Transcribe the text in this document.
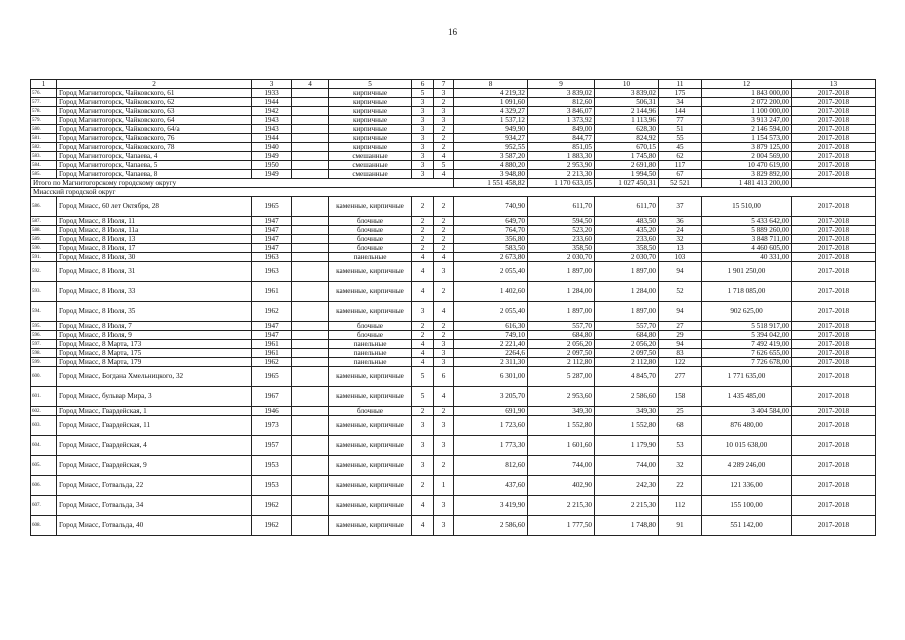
16
1	2	3	4	5	6	7	8	9	10	11	12	13
576.	Город Магнитогорск, Чайковского, 61	1933		кирпичные	5	3	4 219,32	3 839,02	3 839,02	175	1 843 000,00	2017-2018
577.	Город Магнитогорск, Чайковского, 62	1944		кирпичные	3	2	1 091,60	812,60	506,31	34	2 072 200,00	2017-2018
578.	Город Магнитогорск, Чайковского, 63	1942		кирпичные	3	3	4 329,27	3 846,07	2 144,96	144	1 100 000,00	2017-2018
579.	Город Магнитогорск, Чайковского, 64	1943		кирпичные	3	3	1 537,12	1 373,92	1 113,96	77	3 913 247,00	2017-2018
580.	Город Магнитогорск, Чайковского, 64/а	1943		кирпичные	3	2	949,90	849,00	628,30	51	2 146 594,00	2017-2018
581.	Город Магнитогорск, Чайковского, 76	1944		кирпичные	3	2	934,27	844,77	824,92	55	1 154 573,00	2017-2018
582.	Город Магнитогорск, Чайковского, 78	1940		кирпичные	3	2	952,55	851,05	670,15	45	3 879 125,00	2017-2018
583.	Город Магнитогорск, Чапаева, 4	1949		смешанные	3	4	3 587,20	1 883,30	1 745,80	62	2 004 569,00	2017-2018
584.	Город Магнитогорск, Чапаева, 5	1950		смешанные	3	5	4 880,20	2 953,90	2 691,80	117	10 470 619,00	2017-2018
585.	Город Магнитогорск, Чапаева, 8	1949		смешанные	3	4	3 948,80	2 213,30	1 994,50	67	3 829 892,00	2017-2018
Итого по Магнитогорскому городскому округу							1 551 458,82	1 170 633,05	1 027 450,31	52 521	1 481 413 200,00	
Миасский городской округ												
586.	Город Миасс, 60 лет Октября, 28	1965		каменные, кирпичные	2	2	740,90	611,70	611,70	37	15 510,00	2017-2018
587.	Город Миасс, 8 Июля, 11	1947		блочные	2	2	649,70	594,50	483,50	36	5 433 642,00	2017-2018
588.	Город Миасс, 8 Июля, 11а	1947		блочные	2	2	764,70	523,20	435,20	24	5 889 260,00	2017-2018
589.	Город Миасс, 8 Июля, 13	1947		блочные	2	2	356,80	233,60	233,60	32	3 848 711,00	2017-2018
590.	Город Миасс, 8 Июля, 17	1947		блочные	2	2	583,50	358,50	358,50	13	4 460 605,00	2017-2018
591.	Город Миасс, 8 Июля, 30	1963		панельные	4	4	2 673,80	2 030,70	2 030,70	103	40 331,00	2017-2018
592.	Город Миасс, 8 Июля, 31	1963		каменные, кирпичные	4	3	2 055,40	1 897,00	1 897,00	94	1 901 250,00	2017-2018
593.	Город Миасс, 8 Июля, 33	1961		каменные, кирпичные	4	2	1 402,60	1 284,00	1 284,00	52	1 718 085,00	2017-2018
594.	Город Миасс, 8 Июля, 35	1962		каменные, кирпичные	3	4	2 055,40	1 897,00	1 897,00	94	902 625,00	2017-2018
595.	Город Миасс, 8 Июля, 7	1947		блочные	2	2	616,30	557,70	557,70	27	5 518 917,00	2017-2018
596.	Город Миасс, 8 Июля, 9	1947		блочные	2	2	749,10	684,80	684,80	29	5 394 042,00	2017-2018
597.	Город Миасс, 8 Марта, 173	1961		панельные	4	3	2 221,40	2 056,20	2 056,20	94	7 492 419,00	2017-2018
598.	Город Миасс, 8 Марта, 175	1961		панельные	4	3	2264,6	2 097,50	2 097,50	83	7 626 655,00	2017-2018
599.	Город Миасс, 8 Марта, 179	1962		панельные	4	3	2 311,30	2 112,80	2 112,80	122	7 726 678,00	2017-2018
600.	Город Миасс, Богдана Хмельницкого, 32	1965		каменные, кирпичные	5	6	6 301,00	5 287,00	4 845,70	277	1 771 635,00	2017-2018
601.	Город Миасс, бульвар Мира, 3	1967		каменные, кирпичные	5	4	3 205,70	2 953,60	2 586,60	158	1 435 485,00	2017-2018
602.	Город Миасс, Гвардейская, 1	1946		блочные	2	2	691,90	349,30	349,30	25	3 404 584,00	2017-2018
603.	Город Миасс, Гвардейская, 11	1973		каменные, кирпичные	3	3	1 723,60	1 552,80	1 552,80	68	876 480,00	2017-2018
604.	Город Миасс, Гвардейская, 4	1957		каменные, кирпичные	3	3	1 773,30	1 601,60	1 179,90	53	10 015 638,00	2017-2018
605.	Город Миасс, Гвардейская, 9	1953		каменные, кирпичные	3	2	812,60	744,00	744,00	32	4 289 246,00	2017-2018
606.	Город Миасс, Готвальда, 22	1953		каменные, кирпичные	2	1	437,60	402,90	242,30	22	121 336,00	2017-2018
607.	Город Миасс, Готвальда, 34	1962		каменные, кирпичные	4	3	3 419,90	2 215,30	2 215,30	112	155 100,00	2017-2018
608.	Город Миасс, Готвальда, 40	1962		каменные, кирпичные	4	3	2 586,60	1 777,50	1 748,80	91	551 142,00	2017-2018
